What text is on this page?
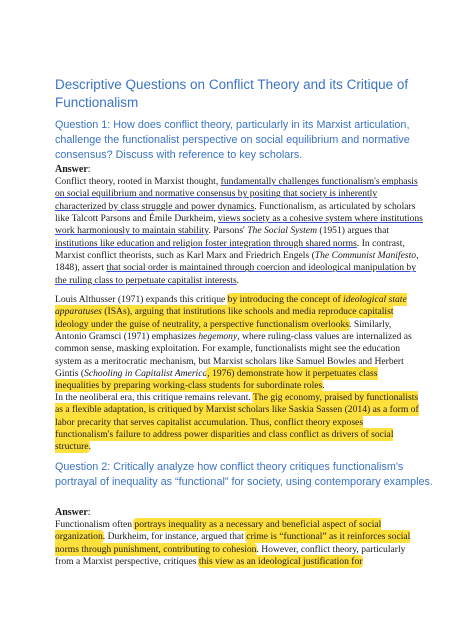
Descriptive Questions on Conflict Theory and its Critique of Functionalism
Question 1: How does conflict theory, particularly in its Marxist articulation, challenge the functionalist perspective on social equilibrium and normative consensus? Discuss with reference to key scholars.

Answer:

Conflict theory, rooted in Marxist thought, fundamentally challenges functionalism's emphasis on social equilibrium and normative consensus by positing that society is inherently characterized by class struggle and power dynamics. Functionalism, as articulated by scholars like Talcott Parsons and Émile Durkheim, views society as a cohesive system where institutions work harmoniously to maintain stability. Parsons' The Social System (1951) argues that institutions like education and religion foster integration through shared norms. In contrast, Marxist conflict theorists, such as Karl Marx and Friedrich Engels (The Communist Manifesto, 1848), assert that social order is maintained through coercion and ideological manipulation by the ruling class to perpetuate capitalist interests.

Louis Althusser (1971) expands this critique by introducing the concept of ideological state apparatuses (ISAs), arguing that institutions like schools and media reproduce capitalist ideology under the guise of neutrality, a perspective functionalism overlooks. Similarly, Antonio Gramsci (1971) emphasizes hegemony, where ruling-class values are internalized as common sense, masking exploitation. For example, functionalists might see the education system as a meritocratic mechanism, but Marxist scholars like Samuel Bowles and Herbert Gintis (Schooling in Capitalist America, 1976) demonstrate how it perpetuates class inequalities by preparing working-class students for subordinate roles.

In the neoliberal era, this critique remains relevant. The gig economy, praised by functionalists as a flexible adaptation, is critiqued by Marxist scholars like Saskia Sassen (2014) as a form of labor precarity that serves capitalist accumulation. Thus, conflict theory exposes functionalism's failure to address power disparities and class conflict as drivers of social structure.

Question 2: Critically analyze how conflict theory critiques functionalism's portrayal of inequality as “functional” for society, using contemporary examples.

Answer:

Functionalism often portrays inequality as a necessary and beneficial aspect of social organization. Durkheim, for instance, argued that crime is “functional” as it reinforces social norms through punishment, contributing to cohesion. However, conflict theory, particularly from a Marxist perspective, critiques this view as an ideological justification for
